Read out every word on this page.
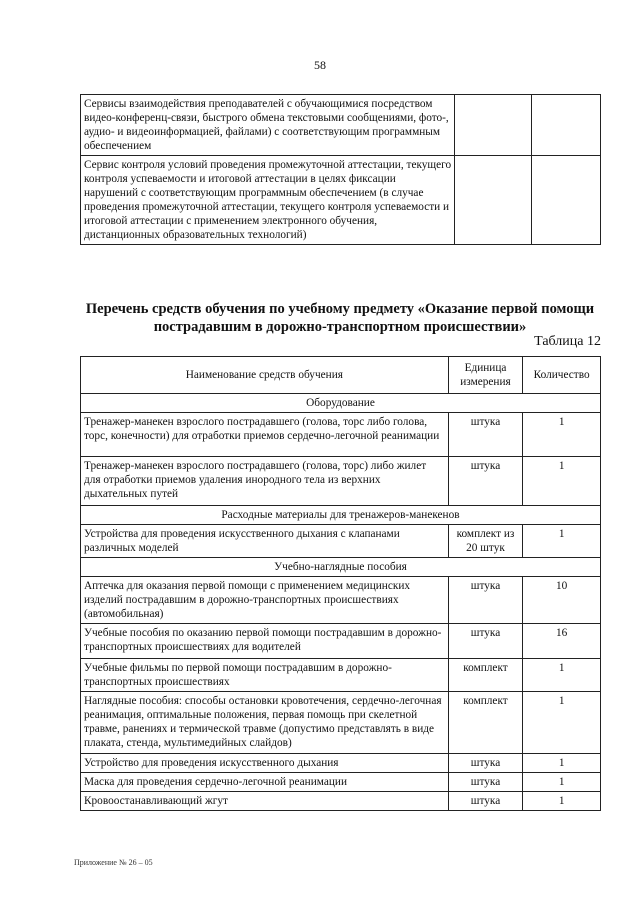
58
Сервисы взаимодействия преподавателей с обучающимися посредством видео-конференц-связи, быстрого обмена текстовыми сообщениями, фото-, аудио- и видеоинформацией, файлами) с соответствующим программным обеспечением		
Сервис контроля условий проведения промежуточной аттестации, текущего контроля успеваемости и итоговой аттестации в целях фиксации нарушений с соответствующим программным обеспечением (в случае проведения промежуточной аттестации, текущего контроля успеваемости и итоговой аттестации с применением электронного обучения, дистанционных образовательных технологий)		
Перечень средств обучения по учебному предмету «Оказание первой помощи
пострадавшим в дорожно-транспортном происшествии»
Таблица 12
Наименование средств обучения	Единица измерения	Количество
Оборудование		
Тренажер-манекен взрослого пострадавшего (голова, торс либо голова, торс, конечности) для отработки приемов сердечно-легочной реанимации	штука	1
Тренажер-манекен взрослого пострадавшего (голова, торс) либо жилет для отработки приемов удаления инородного тела из верхних дыхательных путей	штука	1
Расходные материалы для тренажеров-манекенов		
Устройства для проведения искусственного дыхания с клапанами различных моделей	комплект из 20 штук	1
Учебно-наглядные пособия		
Аптечка для оказания первой помощи с применением медицинских изделий пострадавшим в дорожно-транспортных происшествиях (автомобильная)	штука	10
Учебные пособия по оказанию первой помощи пострадавшим в дорожно-транспортных происшествиях для водителей	штука	16
Учебные фильмы по первой помощи пострадавшим в дорожно-транспортных происшествиях	комплект	1
Наглядные пособия: способы остановки кровотечения, сердечно-легочная реанимация, оптимальные положения, первая помощь при скелетной травме, ранениях и термической травме (допустимо представлять в виде плаката, стенда, мультимедийных слайдов)	комплект	1
Устройство для проведения искусственного дыхания	штука	1
Маска для проведения сердечно-легочной реанимации	штука	1
Кровоостанавливающий жгут	штука	1
Приложение № 26 – 05
